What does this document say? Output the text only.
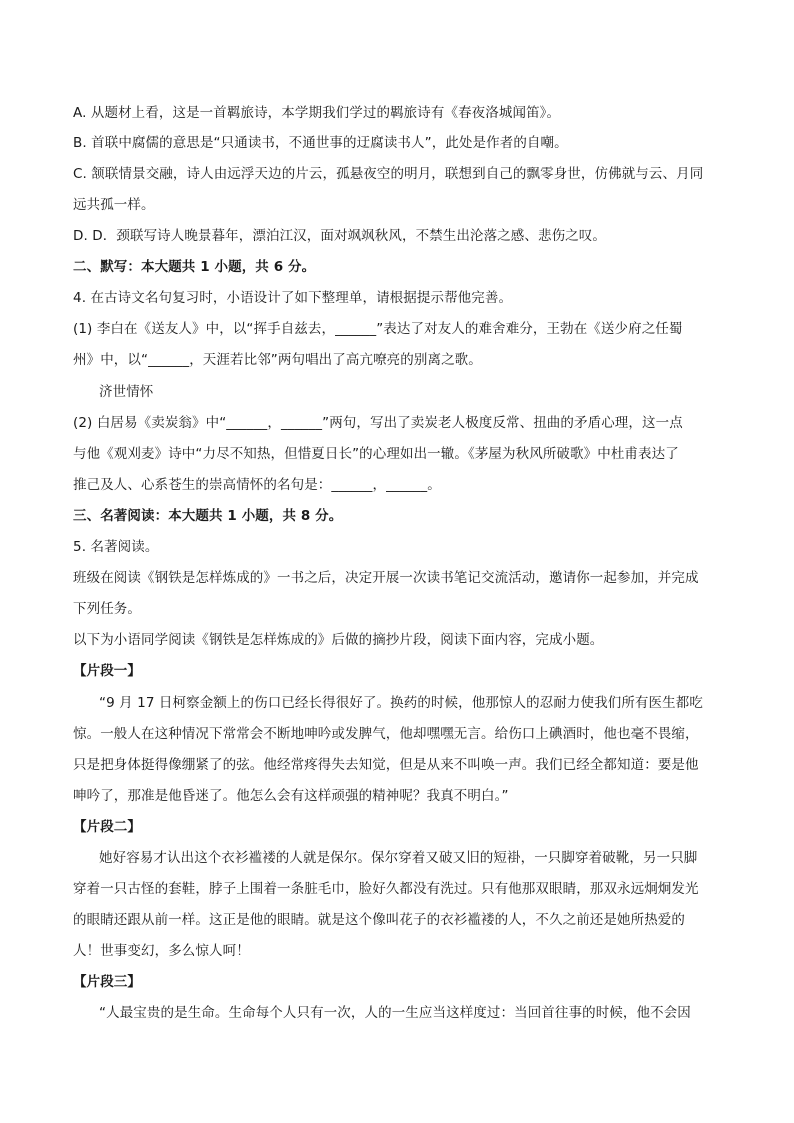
A. 从题材上看，这是一首羁旅诗，本学期我们学过的羁旅诗有《春夜洛城闻笛》。
B. 首联中腐儒的意思是“只通读书，不通世事的迂腐读书人”，此处是作者的自嘲。
C. 颔联情景交融，诗人由远浮天边的片云，孤悬夜空的明月，联想到自己的飘零身世，仿佛就与云、月同
远共孤一样。
D. D．颈联写诗人晚景暮年，漂泊江汉，面对飒飒秋风，不禁生出沦落之感、悲伤之叹。
二、默写：本大题共 1 小题，共 6 分。
4. 在古诗文名句复习时，小语设计了如下整理单，请根据提示帮他完善。
(1) 李白在《送友人》中，以“挥手自兹去，______”表达了对友人的难舍难分，王勃在《送少府之任蜀
州》中，以“______，天涯若比邻”两句唱出了高亢嘹亮的别离之歌。
济世情怀
(2) 白居易《卖炭翁》中“______，______”两句，写出了卖炭老人极度反常、扭曲的矛盾心理，这一点
与他《观刈麦》诗中“力尽不知热，但惜夏日长”的心理如出一辙。《茅屋为秋风所破歌》中杜甫表达了
推己及人、心系苍生的崇高情怀的名句是：______，______。
三、名著阅读：本大题共 1 小题，共 8 分。
5. 名著阅读。
班级在阅读《钢铁是怎样炼成的》一书之后，决定开展一次读书笔记交流活动，邀请你一起参加，并完成
下列任务。
以下为小语同学阅读《钢铁是怎样炼成的》后做的摘抄片段，阅读下面内容，完成小题。
【片段一】
“9 月 17 日柯察金额上的伤口已经长得很好了。换药的时候，他那惊人的忍耐力使我们所有医生都吃
惊。一般人在这种情况下常常会不断地呻吟或发脾气，他却嘿嘿无言。给伤口上碘酒时，他也毫不畏缩，
只是把身体挺得像绷紧了的弦。他经常疼得失去知觉，但是从来不叫唤一声。我们已经全都知道：要是他
呻吟了，那准是他昏迷了。他怎么会有这样顽强的精神呢？我真不明白。”
【片段二】
她好容易才认出这个衣衫褴褛的人就是保尔。保尔穿着又破又旧的短褂，一只脚穿着破靴，另一只脚
穿着一只古怪的套鞋，脖子上围着一条脏毛巾，脸好久都没有洗过。只有他那双眼睛，那双永远炯炯发光
的眼睛还跟从前一样。这正是他的眼睛。就是这个像叫花子的衣衫褴褛的人，不久之前还是她所热爱的
人！世事变幻，多么惊人呵！
【片段三】
“人最宝贵的是生命。生命每个人只有一次，人的一生应当这样度过：当回首往事的时候，他不会因
